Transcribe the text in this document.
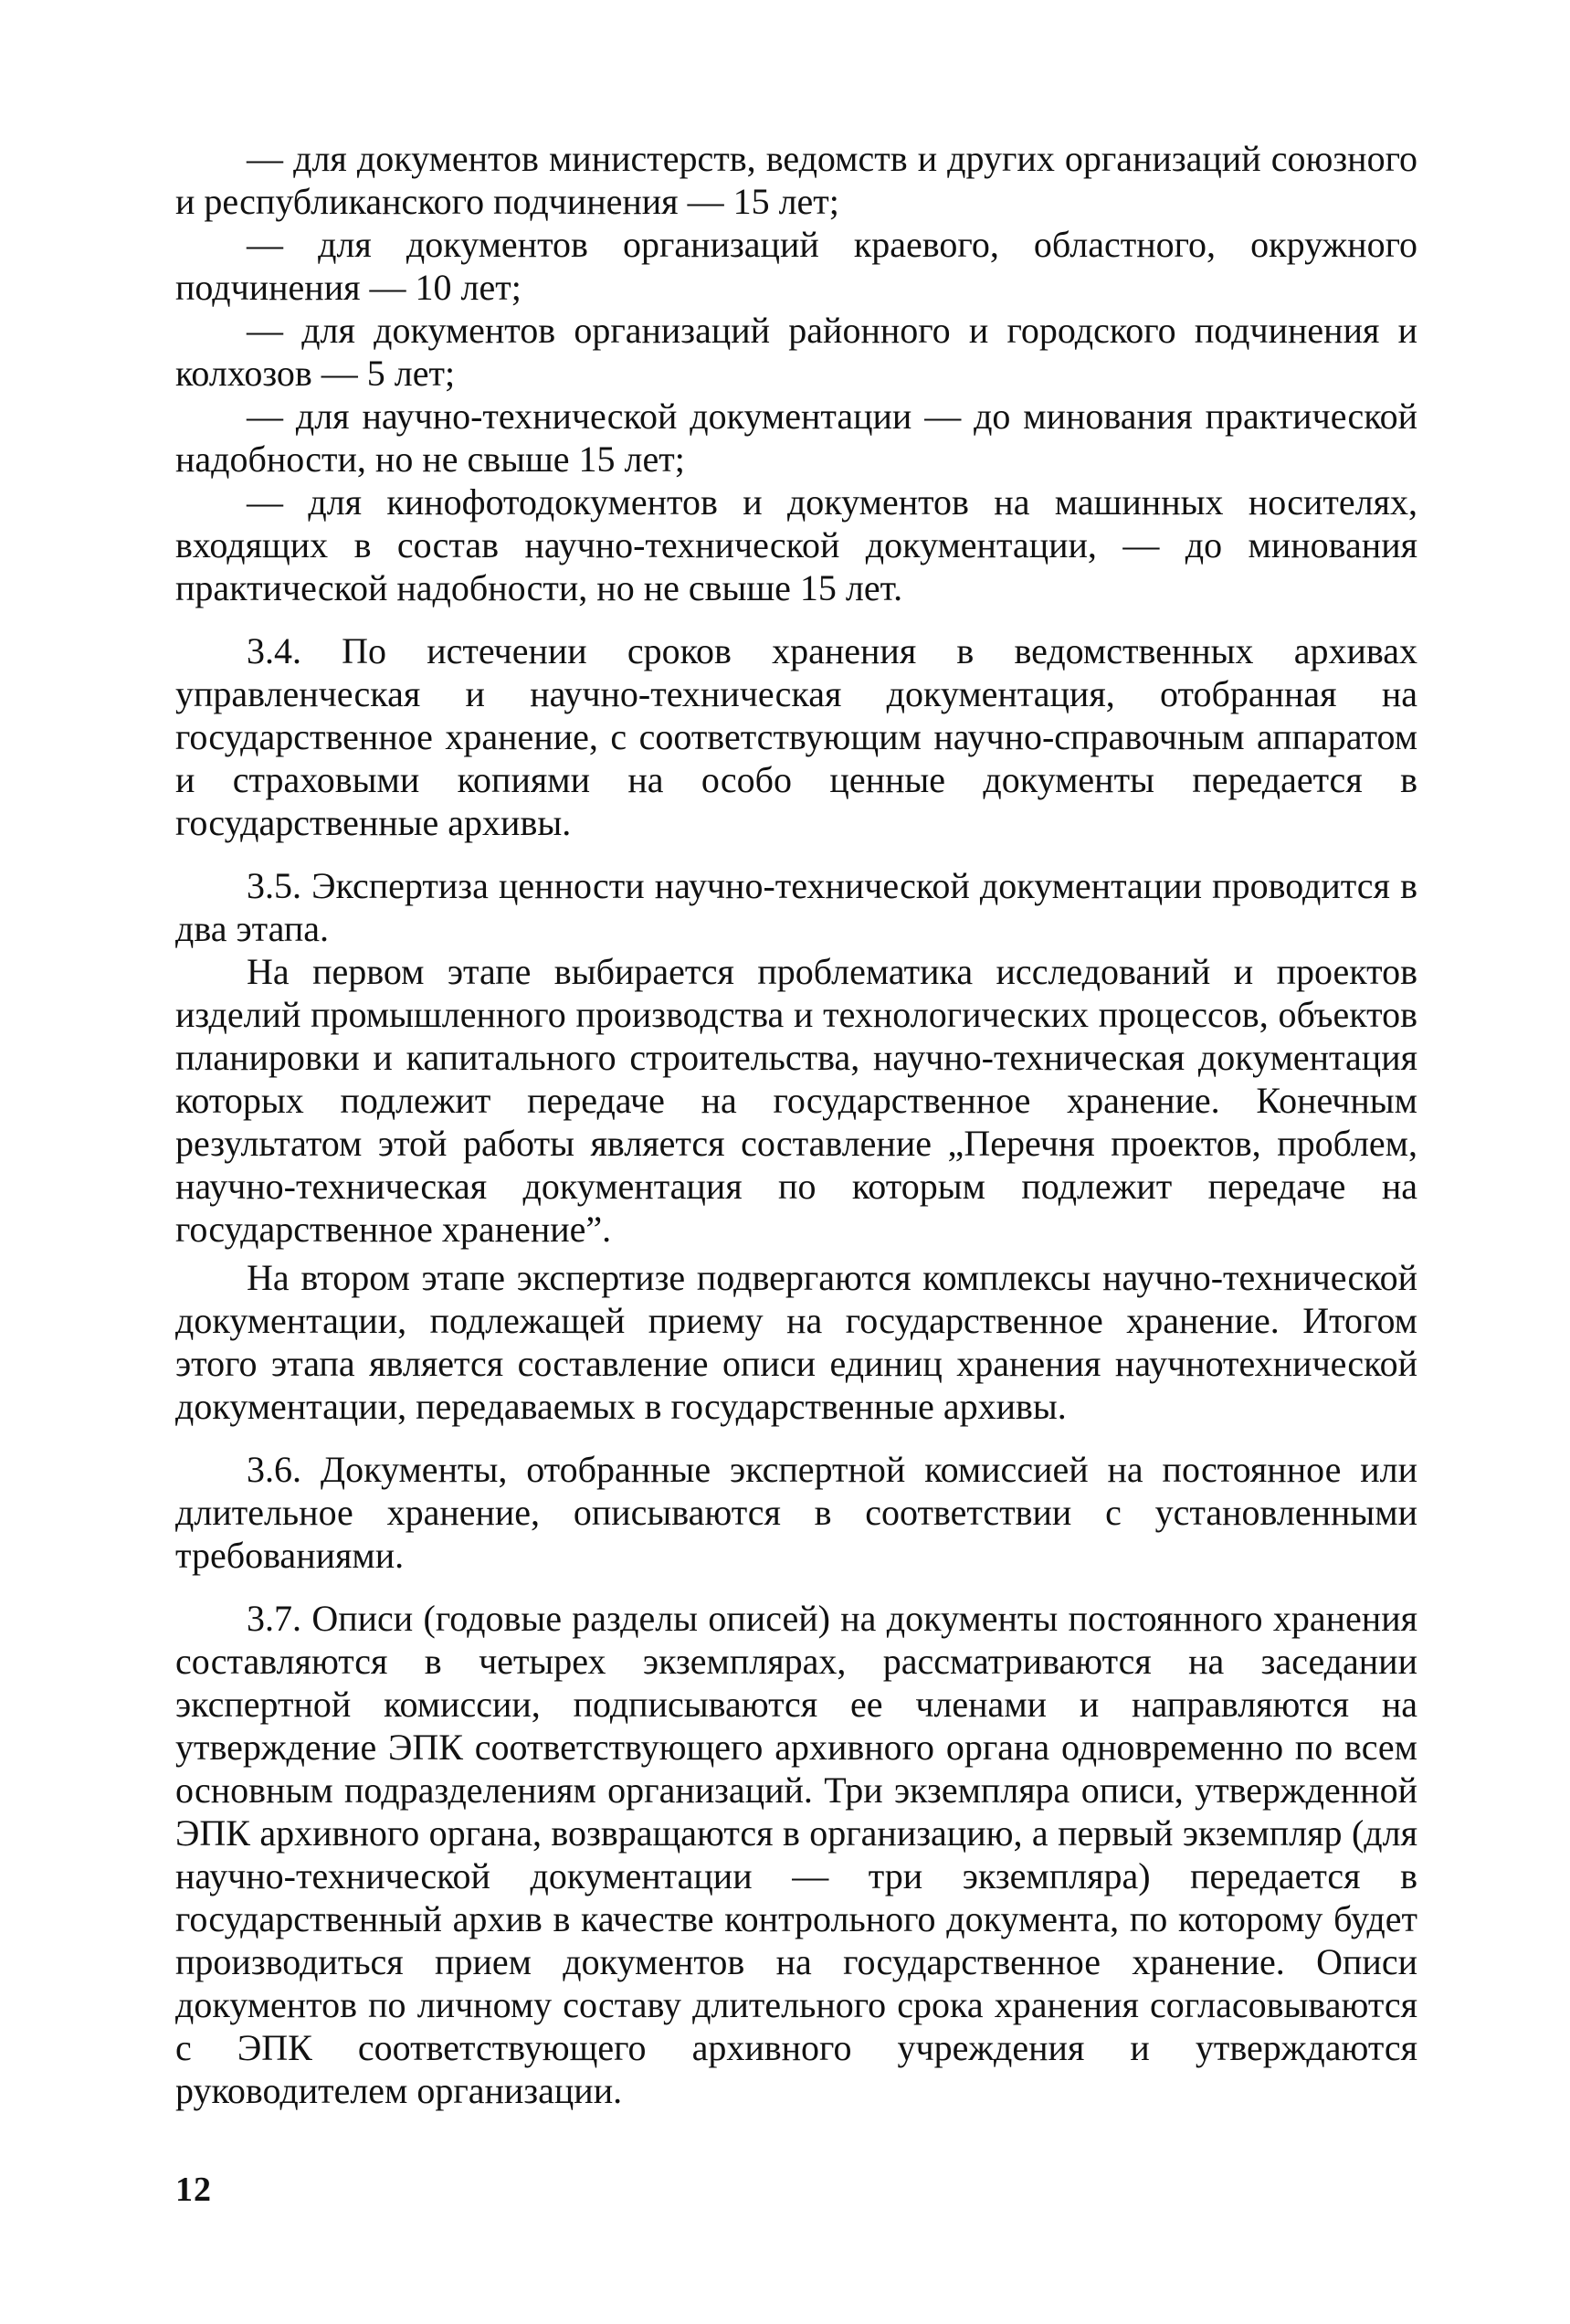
— для документов министерств, ведомств и других организаций союзного и республиканского подчинения — 15 лет;

— для документов организаций краевого, областного, окружного подчинения — 10 лет;

— для документов организаций районного и городского подчинения и колхозов — 5 лет;

— для научно-технической документации — до минования практической надобности, но не свыше 15 лет;

— для кинофотодокументов и документов на машинных носителях, входящих в состав научно-технической документации, — до минования практической надобности, но не свыше 15 лет.

3.4. По истечении сроков хранения в ведомственных архивах управленческая и научно-техническая документация, отобранная на государственное хранение, с соответствующим научно-справочным аппаратом и страховыми копиями на особо ценные документы передается в государственные архивы.

3.5. Экспертиза ценности научно-технической документации проводится в два этапа.

На первом этапе выбирается проблематика исследований и проектов изделий промышленного производства и технологических процессов, объектов планировки и капитального строительства, научно-техническая документация которых подлежит передаче на государственное хранение. Конечным результатом этой работы является составление „Перечня проектов, проблем, научно-техническая документация по которым подлежит передаче на государственное хранение”.

На втором этапе экспертизе подвергаются комплексы научно-технической документации, подлежащей приему на государственное хранение. Итогом этого этапа является составление описи единиц хранения научнотехнической документации, передаваемых в государственные архивы.

3.6. Документы, отобранные экспертной комиссией на постоянное или длительное хранение, описываются в соответствии с установленными требованиями.

3.7. Описи (годовые разделы описей) на документы постоянного хранения составляются в четырех экземплярах, рассматриваются на заседании экспертной комиссии, подписываются ее членами и направляются на утверждение ЭПК соответствующего архивного органа одновременно по всем основным подразделениям организаций. Три экземпляра описи, утвержденной ЭПК архивного органа, возвращаются в организацию, а первый экземпляр (для научно-технической документации — три экземпляра) передается в государственный архив в качестве контрольного документа, по которому будет производиться прием документов на государственное хранение. Описи документов по личному составу длительного срока хранения согласовываются с ЭПК соответствующего архивного учреждения и утверждаются руководителем организации.

12
